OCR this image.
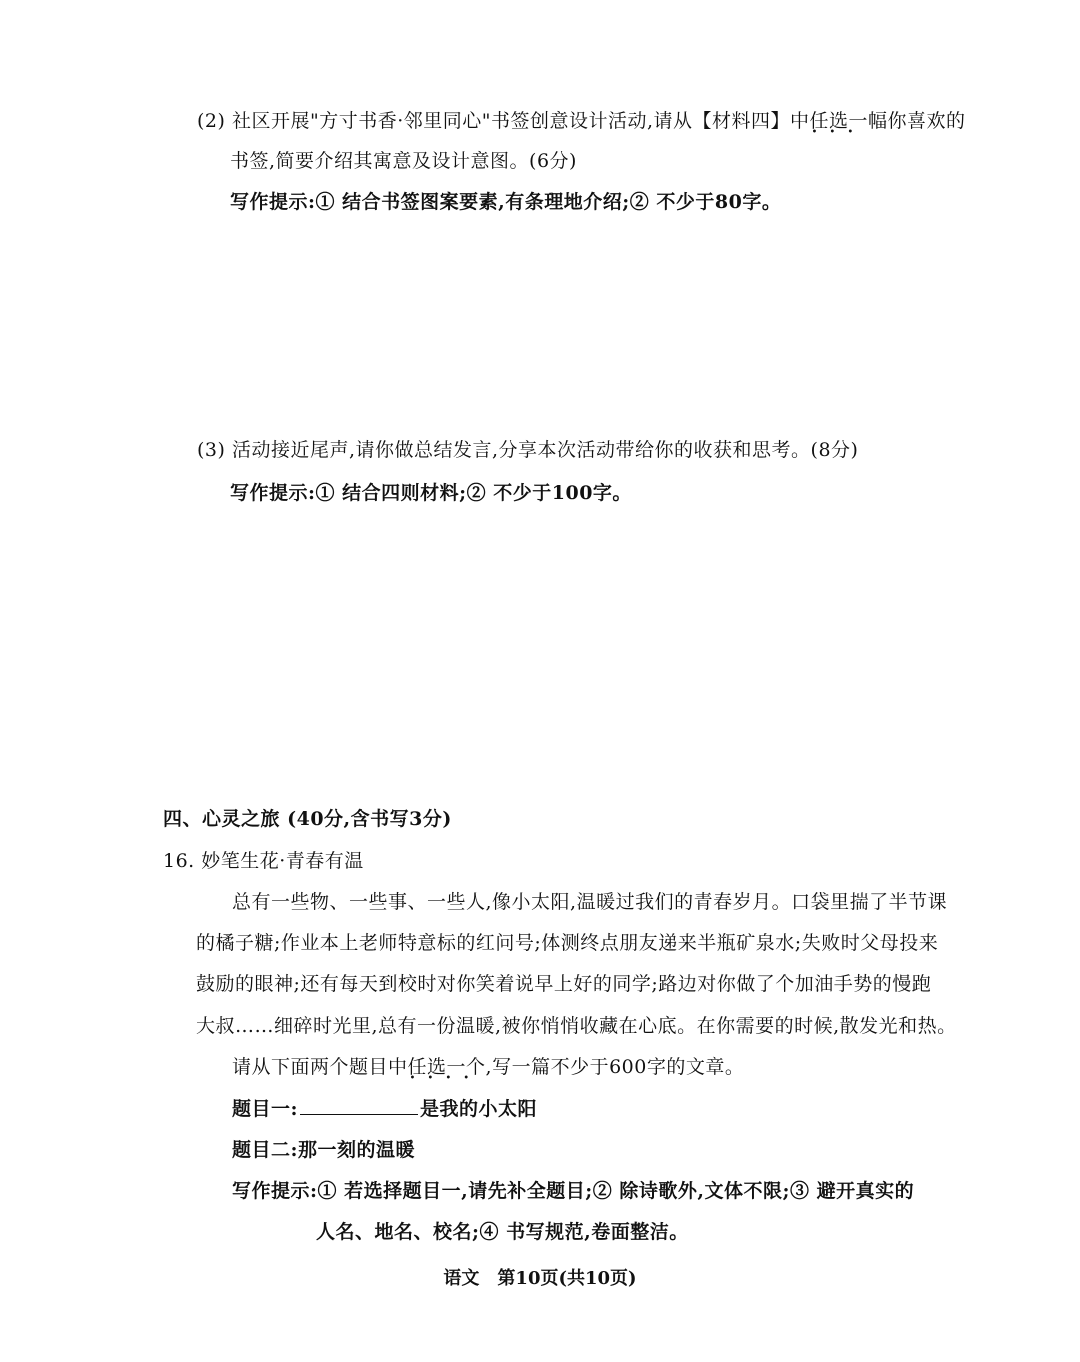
(2) 社区开展"方寸书香·邻里同心"书签创意设计活动,请从【材料四】中任选一 • • •幅你喜欢的
书签,简要介绍其寓意及设计意图。(6分)
写作提示:① 结合书签图案要素,有条理地介绍;② 不少于80字。
(3) 活动接近尾声,请你做总结发言,分享本次活动带给你的收获和思考。(8分)
写作提示:① 结合四则材料;② 不少于100字。
四、心灵之旅 (40分,含书写3分)
16. 妙笔生花·青春有温
总有一些物、一些事、一些人,像小太阳,温暖过我们的青春岁月。口袋里揣了半节课
的橘子糖;作业本上老师特意标的红问号;体测终点朋友递来半瓶矿泉水;失败时父母投来
鼓励的眼神;还有每天到校时对你笑着说早上好的同学;路边对你做了个加油手势的慢跑
大叔……细碎时光里,总有一份温暖,被你悄悄收藏在心底。在你需要的时候,散发光和热。
请从下面两个题目中任选一个 • • • •,写一篇不少于600字的文章。
题目一:	是我的小太阳
题目二:那一刻的温暖
写作提示:① 若选择题目一,请先补全题目;② 除诗歌外,文体不限;③ 避开真实的
人名、地名、校名;④ 书写规范,卷面整洁。
语文　第10页(共10页)
